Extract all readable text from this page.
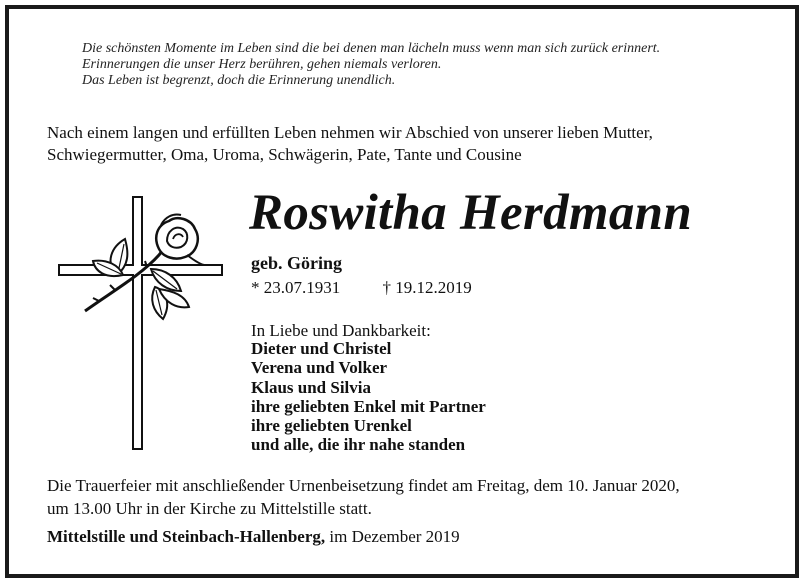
Die schönsten Momente im Leben sind die bei denen man lächeln muss wenn man sich zurück erinnert.
Erinnerungen die unser Herz berühren, gehen niemals verloren.
Das Leben ist begrenzt, doch die Erinnerung unendlich.
Nach einem langen und erfüllten Leben nehmen wir Abschied von unserer lieben Mutter,
Schwiegermutter, Oma, Uroma, Schwägerin, Pate, Tante und Cousine
Roswitha Herdmann
geb. Göring
* 23.07.1931 † 19.12.2019
In Liebe und Dankbarkeit:
Dieter und Christel
Verena und Volker
Klaus und Silvia
ihre geliebten Enkel mit Partner
ihre geliebten Urenkel
und alle, die ihr nahe standen
Die Trauerfeier mit anschließender Urnenbeisetzung findet am Freitag, dem 10. Januar 2020,
um 13.00 Uhr in der Kirche zu Mittelstille statt.
Mittelstille und Steinbach-Hallenberg, im Dezember 2019
